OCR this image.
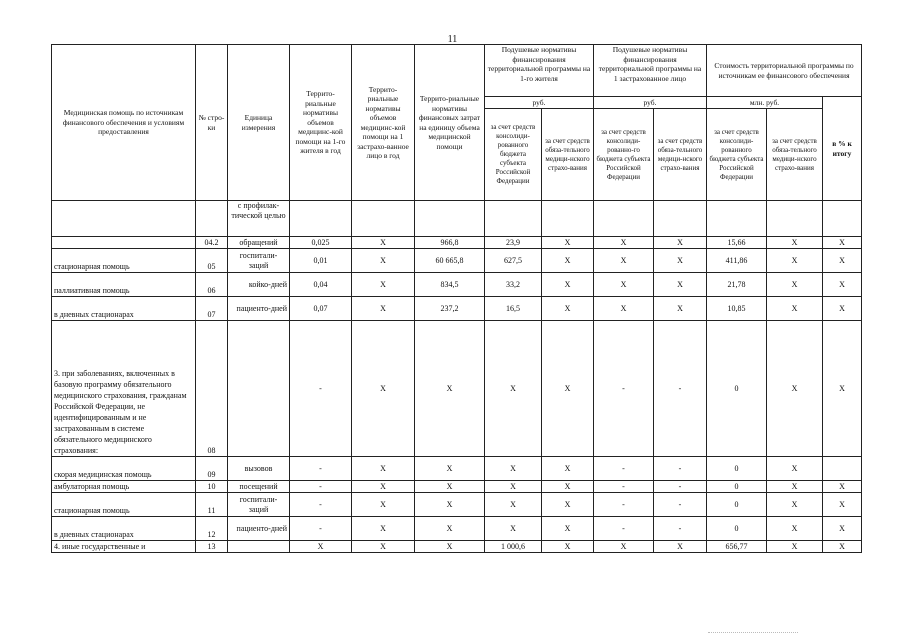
11
Медицинская помощь по источникам финансового обеспечения и условиям предоставления	№ стро-ки	Единица измерения	Террито-риальные нормативы объемов медицинс-кой помощи на 1-го жителя в год	Террито-риальные нормативы объемов медицинс-кой помощи на 1 застрахо-ванное лицо в год	Террито-риальные нормативы финансовых затрат на единицу объема медицинской помощи	Подушевые нормативы финансирования территориальной программы на 1-го жителя		Подушевые нормативы финансирования территориальной программы на 1 застрахованное лицо		Стоимость территориальной программы по источникам ее финансового обеспечения		
						руб.		руб.		млн. руб.		в % к итогу
						за счет средств консолиди-рованного бюджета субъекта Российской Федерации	за счет средств обяза-тельного медици-нского страхо-вания	за счет средств консолиди-рованно-го бюджета субъекта Российской Федерации	за счет средств обяза-тельного медици-нского страхо-вания	за счет средств консолиди-рованного бюджета субъекта Российской Федерации	за счет средств обяза-тельного медици-нского страхо-вания	
		с профилак-тической целью										
	04.2	обращений	0,025	X	966,8	23,9	X	X	X	15,66	X	X
стационарная помощь	05	госпитали-заций	0,01	X	60 665,8	627,5	X	X	X	411,86	X	X
паллиативная помощь	06	койко-дней	0,04	X	834,5	33,2	X	X	X	21,78	X	X
в дневных стационарах	07	пациенто-дней	0,07	X	237,2	16,5	X	X	X	10,85	X	X
3. при заболеваниях, включенных в базовую программу обязательного медицинского страхования, гражданам Российской Федерации, не идентифицированным и не застрахованным в системе обязательного медицинского страхования:	08		-	X	X	X	X	-	-	0	X	X
скорая медицинская помощь	09	вызовов	-	X	X	X	X	-	-	0	X	
амбулаторная помощь	10	посещений	-	X	X	X	X	-	-	0	X	X
стационарная помощь	11	госпитали-заций	-	X	X	X	X	-	-	0	X	X
в дневных стационарах	12	пациенто-дней	-	X	X	X	X	-	-	0	X	X
4. иные государственные и	13		X	X	X	1 000,6	X	X	X	656,77	X	X
